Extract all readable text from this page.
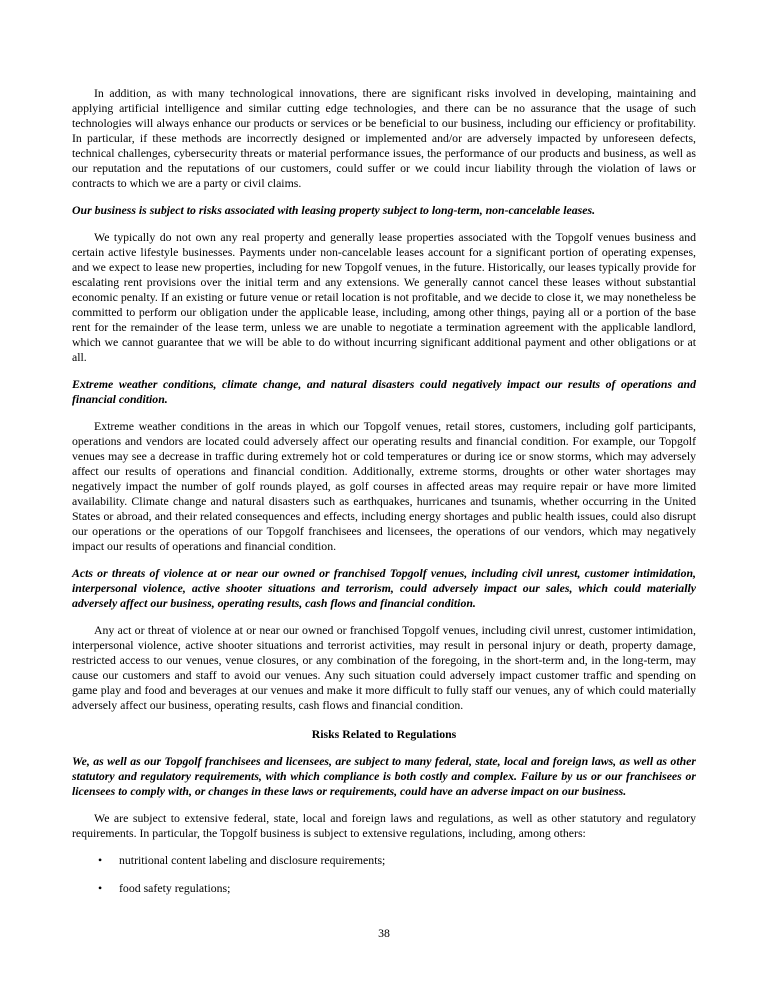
In addition, as with many technological innovations, there are significant risks involved in developing, maintaining and applying artificial intelligence and similar cutting edge technologies, and there can be no assurance that the usage of such technologies will always enhance our products or services or be beneficial to our business, including our efficiency or profitability. In particular, if these methods are incorrectly designed or implemented and/or are adversely impacted by unforeseen defects, technical challenges, cybersecurity threats or material performance issues, the performance of our products and business, as well as our reputation and the reputations of our customers, could suffer or we could incur liability through the violation of laws or contracts to which we are a party or civil claims.

Our business is subject to risks associated with leasing property subject to long-term, non-cancelable leases.

We typically do not own any real property and generally lease properties associated with the Topgolf venues business and certain active lifestyle businesses. Payments under non-cancelable leases account for a significant portion of operating expenses, and we expect to lease new properties, including for new Topgolf venues, in the future. Historically, our leases typically provide for escalating rent provisions over the initial term and any extensions. We generally cannot cancel these leases without substantial economic penalty. If an existing or future venue or retail location is not profitable, and we decide to close it, we may nonetheless be committed to perform our obligation under the applicable lease, including, among other things, paying all or a portion of the base rent for the remainder of the lease term, unless we are unable to negotiate a termination agreement with the applicable landlord, which we cannot guarantee that we will be able to do without incurring significant additional payment and other obligations or at all.

Extreme weather conditions, climate change, and natural disasters could negatively impact our results of operations and financial condition.

Extreme weather conditions in the areas in which our Topgolf venues, retail stores, customers, including golf participants, operations and vendors are located could adversely affect our operating results and financial condition. For example, our Topgolf venues may see a decrease in traffic during extremely hot or cold temperatures or during ice or snow storms, which may adversely affect our results of operations and financial condition. Additionally, extreme storms, droughts or other water shortages may negatively impact the number of golf rounds played, as golf courses in affected areas may require repair or have more limited availability. Climate change and natural disasters such as earthquakes, hurricanes and tsunamis, whether occurring in the United States or abroad, and their related consequences and effects, including energy shortages and public health issues, could also disrupt our operations or the operations of our Topgolf franchisees and licensees, the operations of our vendors, which may negatively impact our results of operations and financial condition.

Acts or threats of violence at or near our owned or franchised Topgolf venues, including civil unrest, customer intimidation, interpersonal violence, active shooter situations and terrorism, could adversely impact our sales, which could materially adversely affect our business, operating results, cash flows and financial condition.

Any act or threat of violence at or near our owned or franchised Topgolf venues, including civil unrest, customer intimidation, interpersonal violence, active shooter situations and terrorist activities, may result in personal injury or death, property damage, restricted access to our venues, venue closures, or any combination of the foregoing, in the short-term and, in the long-term, may cause our customers and staff to avoid our venues. Any such situation could adversely impact customer traffic and spending on game play and food and beverages at our venues and make it more difficult to fully staff our venues, any of which could materially adversely affect our business, operating results, cash flows and financial condition.

Risks Related to Regulations

We, as well as our Topgolf franchisees and licensees, are subject to many federal, state, local and foreign laws, as well as other statutory and regulatory requirements, with which compliance is both costly and complex. Failure by us or our franchisees or licensees to comply with, or changes in these laws or requirements, could have an adverse impact on our business.

We are subject to extensive federal, state, local and foreign laws and regulations, as well as other statutory and regulatory requirements. In particular, the Topgolf business is subject to extensive regulations, including, among others:

• nutritional content labeling and disclosure requirements;
• food safety regulations;
38
